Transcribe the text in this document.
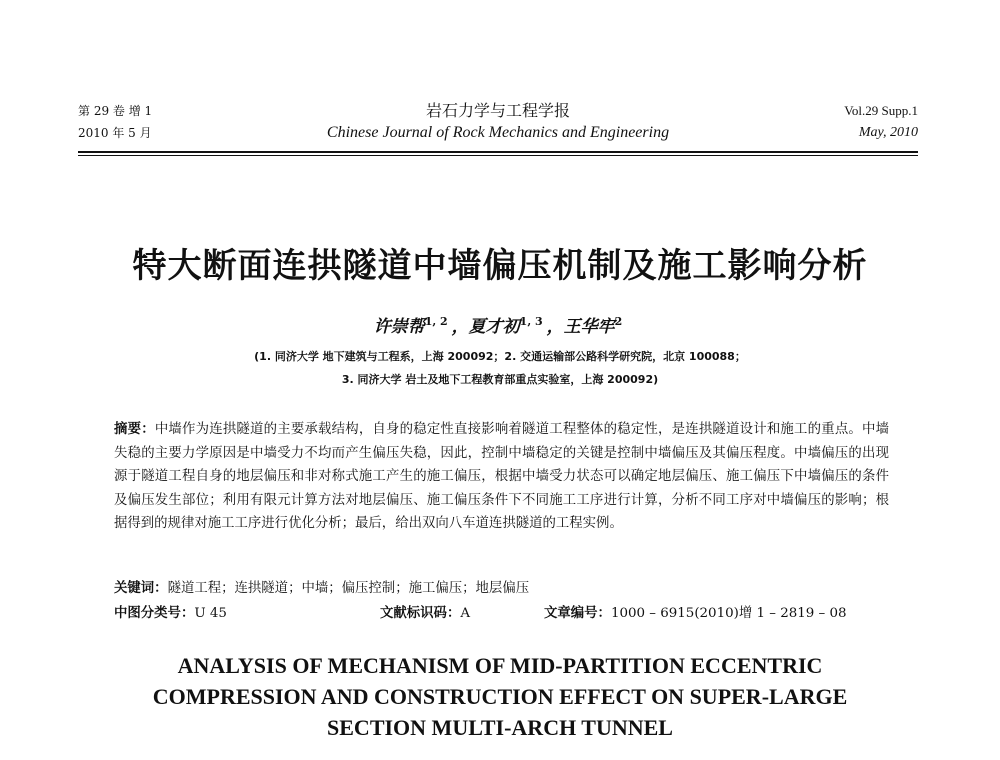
第 29 卷 增 1
2010 年 5 月
岩石力学与工程学报
Chinese Journal of Rock Mechanics and Engineering
Vol.29 Supp.1
May, 2010
特大断面连拱隧道中墙偏压机制及施工影响分析
许崇帮$^{1, 2}$ ，夏才初$^{1, 3}$ ，王华牢$^2$
(1. 同济大学 地下建筑与工程系，上海 200092；2. 交通运输部公路科学研究院，北京 100088；
3. 同济大学 岩土及地下工程教育部重点实验室，上海 200092)

摘要：中墙作为连拱隧道的主要承载结构，自身的稳定性直接影响着隧道工程整体的稳定性，是连拱隧道设计和施工的重点。中墙失稳的主要力学原因是中墙受力不均而产生偏压失稳，因此，控制中墙稳定的关键是控制中墙偏压及其偏压程度。中墙偏压的出现源于隧道工程自身的地层偏压和非对称式施工产生的施工偏压，根据中墙受力状态可以确定地层偏压、施工偏压下中墙偏压的条件及偏压发生部位；利用有限元计算方法对地层偏压、施工偏压条件下不同施工工序进行计算，分析不同工序对中墙偏压的影响；根据得到的规律对施工工序进行优化分析；最后，给出双向八车道连拱隧道的工程实例。

关键词：隧道工程；连拱隧道；中墙；偏压控制；施工偏压；地层偏压
中图分类号：U 45	文献标识码：A	文章编号：1000 – 6915(2010)增 1 – 2819 – 08
ANALYSIS OF MECHANISM OF MID-PARTITION ECCENTRIC
COMPRESSION AND CONSTRUCTION EFFECT ON SUPER-LARGE
SECTION MULTI-ARCH TUNNEL
